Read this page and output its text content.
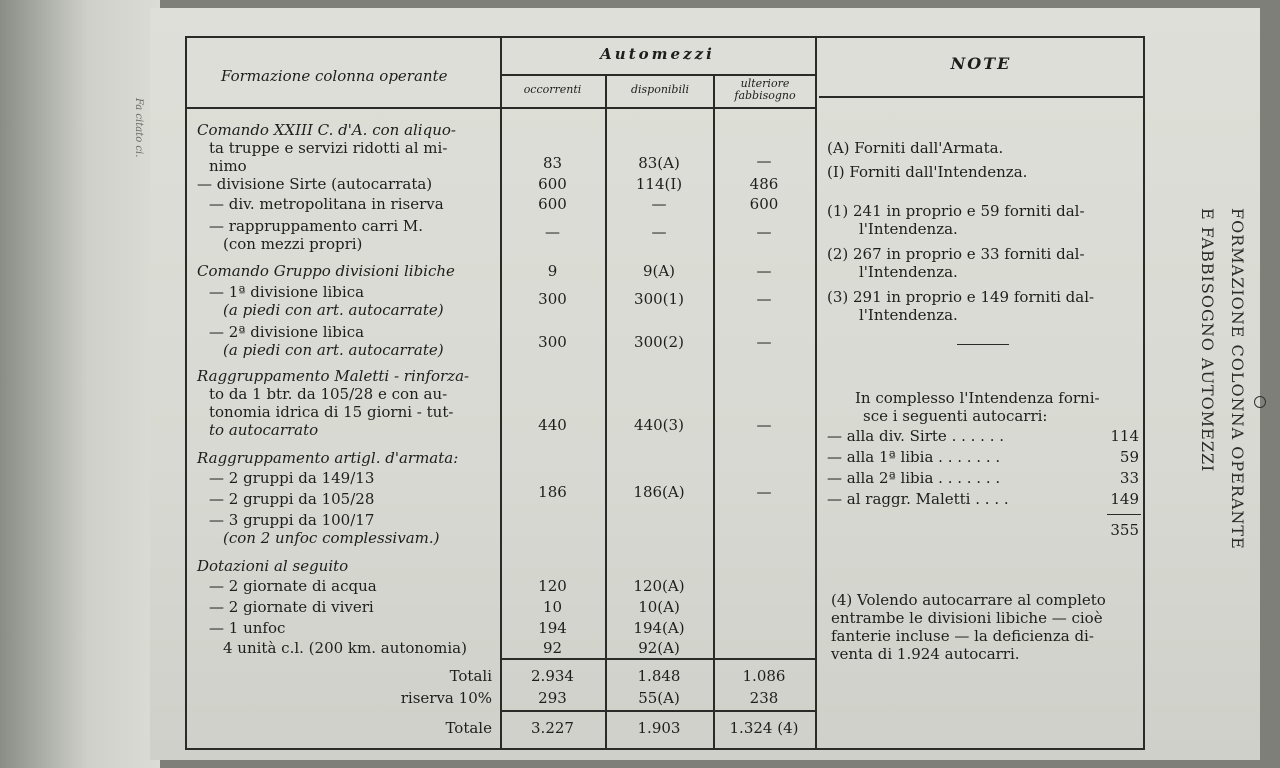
Fa citato ci.
Formazione colonna operante
Automezzi
occorrenti	disponibili	ulteriore
fabbisogno
NOTE
Comando XXIII C. d'A. con aliquo-
ta truppe e servizi ridotti al mi-
nimo	83	83(A)	—
— divisione Sirte (autocarrata)	600	114(I)	486
— div. metropolitana in riserva	600	—	600
— rappruppamento carri M.
(con mezzi propri)
—	—	—
Comando Gruppo divisioni libiche	9	9(A)	—
— 1ª divisione libica
(a piedi con art. autocarrate)
300	300(1)	—
— 2ª divisione libica
(a piedi con art. autocarrate)	300	300(2)	—
Raggruppamento Maletti - rinforza-
to da 1 btr. da 105/28 e con au-
tonomia idrica di 15 giorni - tut-
to autocarrato	440	440(3)	—
Raggruppamento artigl. d'armata:
— 2 gruppi da 149/13
— 2 gruppi da 105/28
— 3 gruppi da 100/17
(con 2 unfoc complessivam.)
186	186(A)	—
Dotazioni al seguito
— 2 giornate di acqua	120	120(A)
— 2 giornate di viveri	10	10(A)
— 1 unfoc	194	194(A)
4 unità c.l. (200 km. autonomia)	92	92(A)
Totali	2.934	1.848	1.086
riserva 10%	293	55(A)	238
Totale	3.227	1.903	1.324 (4)
(A) Forniti dall'Armata.
(I) Forniti dall'Intendenza.
(1) 241 in proprio e 59 forniti dal-
l'Intendenza.
(2) 267 in proprio e 33 forniti dal-
l'Intendenza.
(3) 291 in proprio e 149 forniti dal-
l'Intendenza.
In complesso l'Intendenza forni-
sce i seguenti autocarri:
— alla div. Sirte . . . . . .	114
— alla 1ª libia . . . . . . .	59
— alla 2ª libia . . . . . . .	33
— al raggr. Maletti . . . .	149
355
(4) Volendo autocarrare al completo
entrambe le divisioni libiche — cioè
fanterie incluse — la deficienza di-
venta di 1.924 autocarri.
FORMAZIONE COLONNA OPERANTE
E FABBISOGNO AUTOMEZZI
